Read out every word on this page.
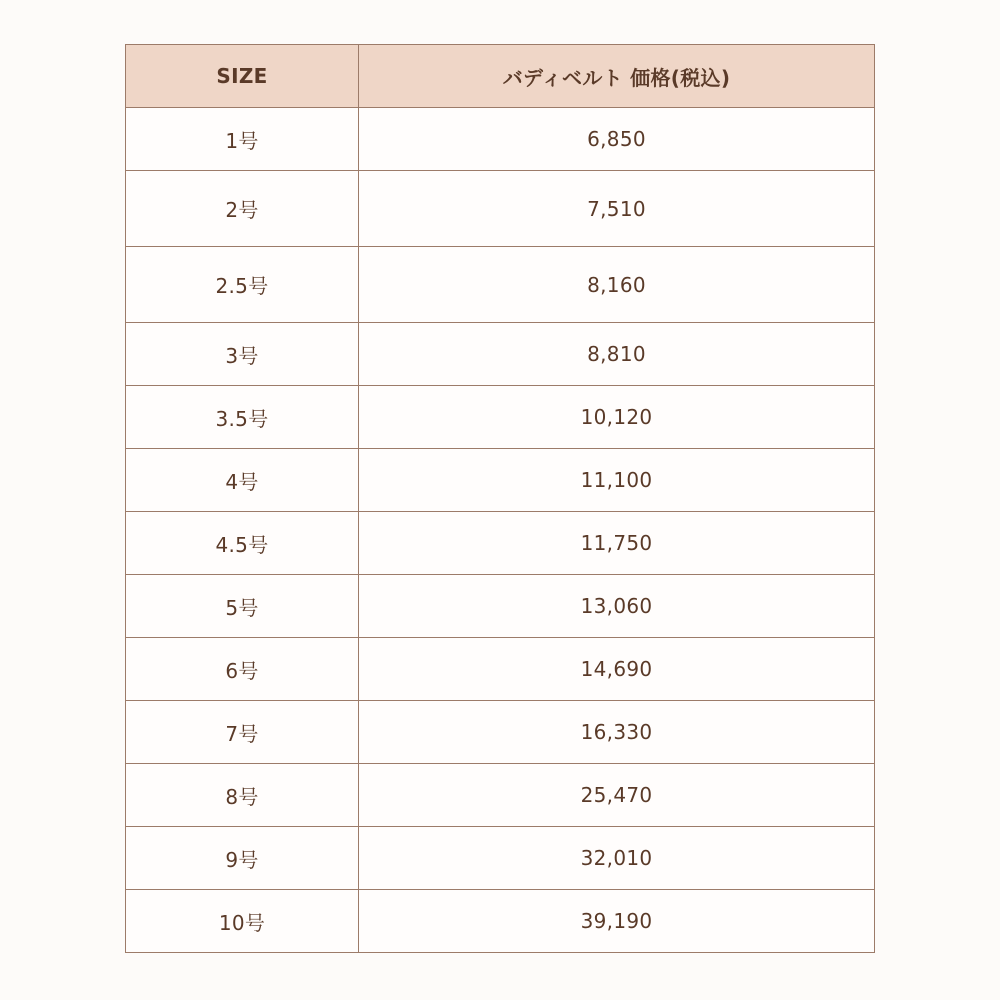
SIZE	バディベルト 価格(税込)
1号	6,850
2号	7,510
2.5号	8,160
3号	8,810
3.5号	10,120
4号	11,100
4.5号	11,750
5号	13,060
6号	14,690
7号	16,330
8号	25,470
9号	32,010
10号	39,190
